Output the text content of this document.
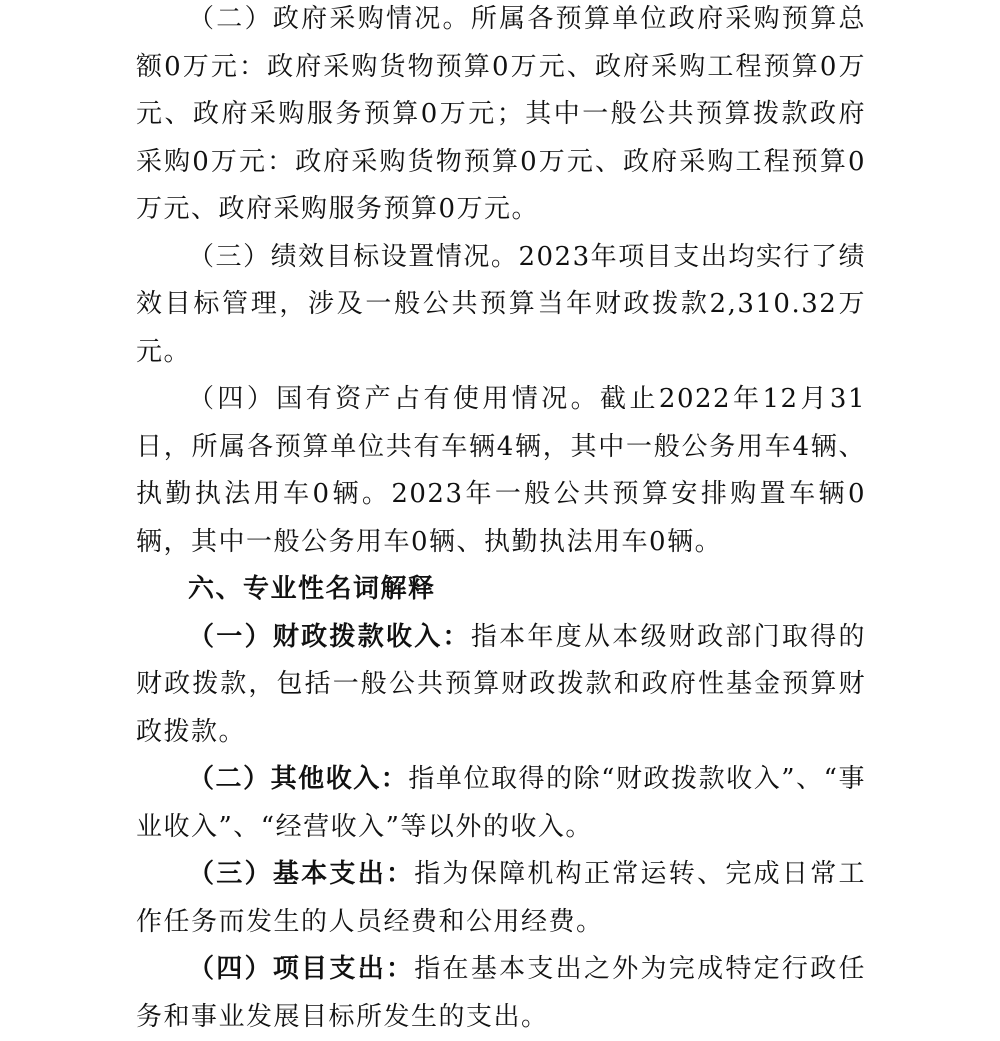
（二）政府采购情况。所属各预算单位政府采购预算总额0万元：政府采购货物预算0万元、政府采购工程预算0万元、政府采购服务预算0万元；其中一般公共预算拨款政府采购0万元：政府采购货物预算0万元、政府采购工程预算0万元、政府采购服务预算0万元。

（三）绩效目标设置情况。2023年项目支出均实行了绩效目标管理，涉及一般公共预算当年财政拨款2,310.32万元。

（四）国有资产占有使用情况。截止2022年12月31日，所属各预算单位共有车辆4辆，其中一般公务用车4辆、执勤执法用车0辆。2023年一般公共预算安排购置车辆0辆，其中一般公务用车0辆、执勤执法用车0辆。

六、专业性名词解释

（一）财政拨款收入：指本年度从本级财政部门取得的财政拨款，包括一般公共预算财政拨款和政府性基金预算财政拨款。

（二）其他收入：指单位取得的除“财政拨款收入”、“事业收入”、“经营收入”等以外的收入。

（三）基本支出：指为保障机构正常运转、完成日常工作任务而发生的人员经费和公用经费。

（四）项目支出：指在基本支出之外为完成特定行政任务和事业发展目标所发生的支出。
